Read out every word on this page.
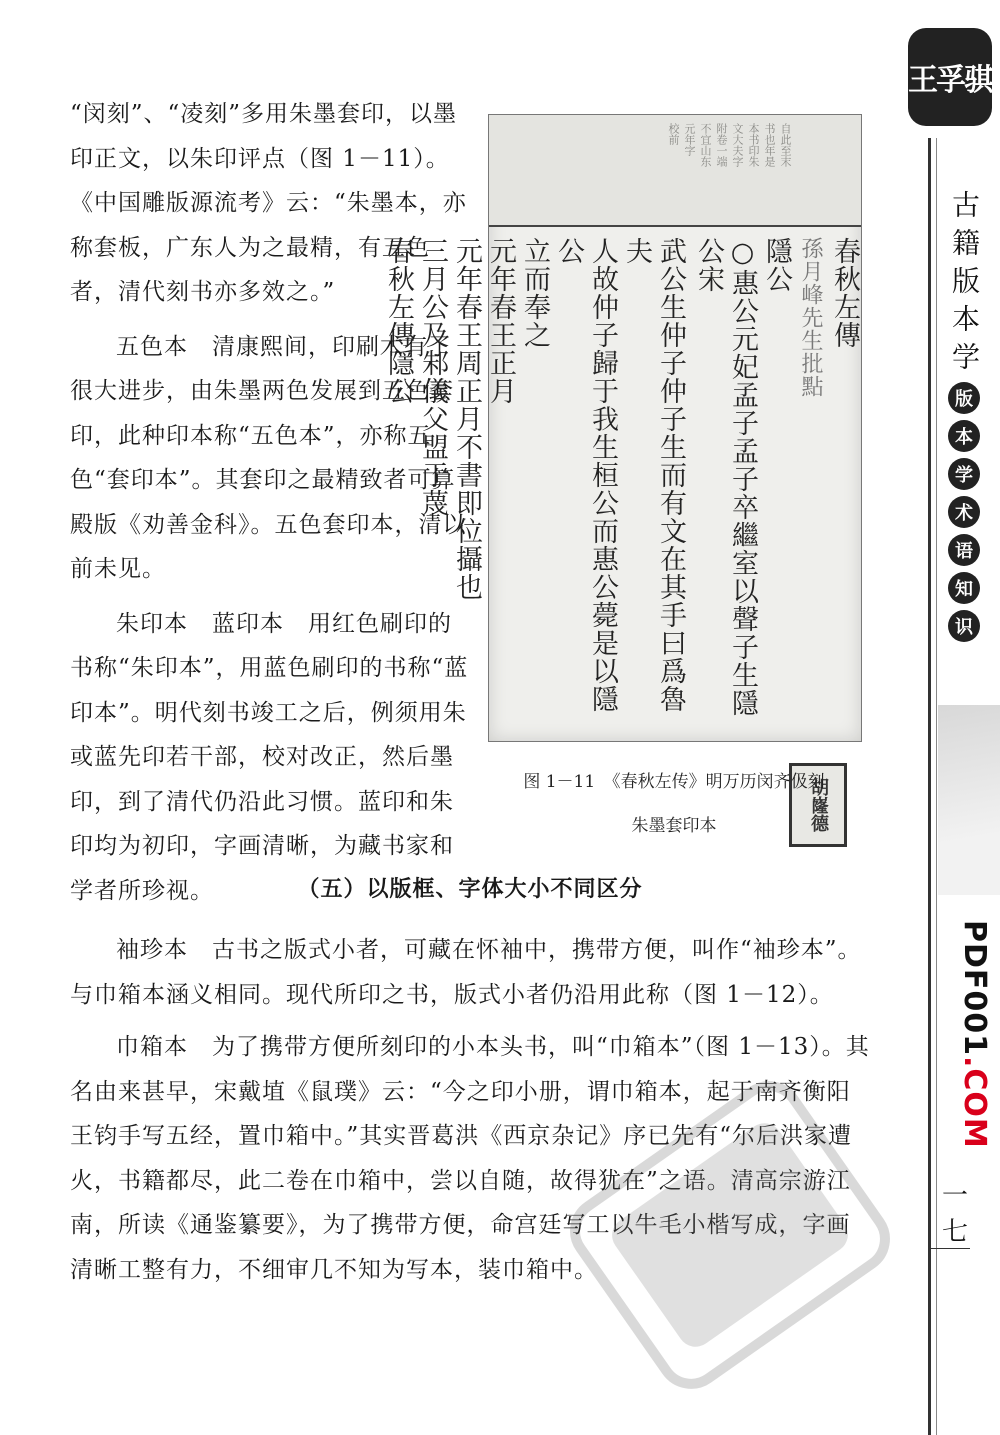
王孚骐
古籍版本学
版
本
学
术
语
知
识
PDF001.COM
一七

“闵刻”、“凌刻”多用朱墨套印，以墨印正文，以朱印评点（图 1－11）。《中国雕版源流考》云：“朱墨本，亦称套板，广东人为之最精，有五色者，清代刻书亦多效之。”

五色本　清康熙间，印刷术有了很大进步，由朱墨两色发展到五色套印，此种印本称“五色本”，亦称五色“套印本”。其套印之最精致者可算殿版《劝善金科》。五色套印本，清以前未见。

朱印本　蓝印本　用红色刷印的书称“朱印本”，用蓝色刷印的书称“蓝印本”。明代刻书竣工之后，例须用朱或蓝先印若干部，校对改正，然后墨印，到了清代仍沿此习惯。蓝印和朱印均为初印，字画清晰，为藏书家和学者所珍视。

自此至末
书也年是
本书印朱
文大夫字
附卷一端
不宜山东
元年字
校前
春秋左傳
孫月峰先生批點
隱公
○惠公元妃孟子孟子卒繼室以聲子生隱公宋
武公生仲子仲子生而有文在其手曰爲魯夫
人故仲子歸于我生桓公而惠公薨是以隱公
立而奉之
元年春王正月
元年春王周正月不書即位攝也
三月公及邾儀父盟于蔑
春秋左傳隱公
胡嶐德
图 1－11　《春秋左传》明万历闵齐伋刻
朱墨套印本
（五）以版框、字体大小不同区分

袖珍本　古书之版式小者，可藏在怀袖中，携带方便，叫作“袖珍本”。与巾箱本涵义相同。现代所印之书，版式小者仍沿用此称（图 1－12）。

巾箱本　为了携带方便所刻印的小本头书，叫“巾箱本”（图 1－13）。其名由来甚早，宋戴埴《鼠璞》云：“今之印小册，谓巾箱本，起于南齐衡阳王钧手写五经，置巾箱中。”其实晋葛洪《西京杂记》序已先有“尔后洪家遭火，书籍都尽，此二卷在巾箱中，尝以自随，故得犹在”之语。清高宗游江南，所读《通鉴纂要》，为了携带方便，命宫廷写工以牛毛小楷写成，字画清晰工整有力，不细审几不知为写本，装巾箱中。
